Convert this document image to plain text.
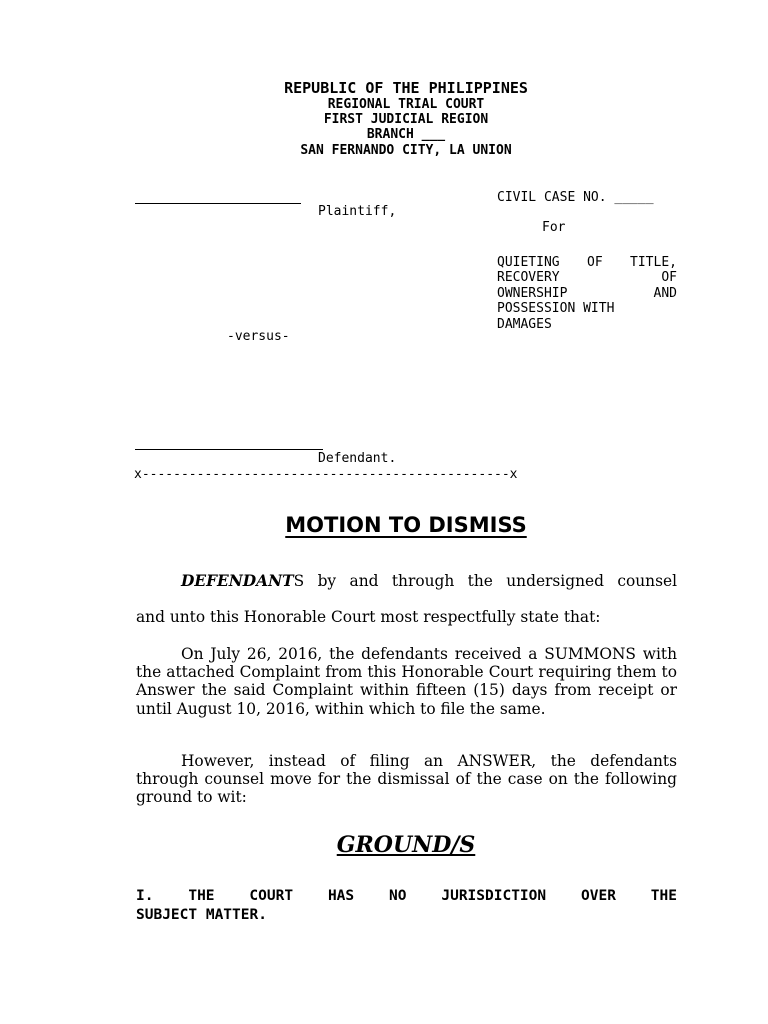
REPUBLIC OF THE PHILIPPINES
REGIONAL TRIAL COURT
FIRST JUDICIAL REGION
BRANCH ___
SAN FERNANDO CITY, LA UNION
Plaintiff,
-versus-
Defendant.
x-----------------------------------------------x
CIVIL CASE NO. _____
For
QUIETING OF TITLE,
RECOVERY OF
OWNERSHIP AND
POSSESSION WITH
DAMAGES
MOTION TO DISMISS
DEFENDANTS by and through the undersigned counsel
and unto this Honorable Court most respectfully state that:

On July 26, 2016, the defendants received a SUMMONS with the attached Complaint from this Honorable Court requiring them to Answer the said Complaint within fifteen (15) days from receipt or until August 10, 2016, within which to file the same.

However, instead of filing an ANSWER, the defendants through counsel move for the dismissal of the case on the following ground to wit:

GROUND/S
I. THE COURT HAS NO JURISDICTION OVER THE
SUBJECT MATTER.
